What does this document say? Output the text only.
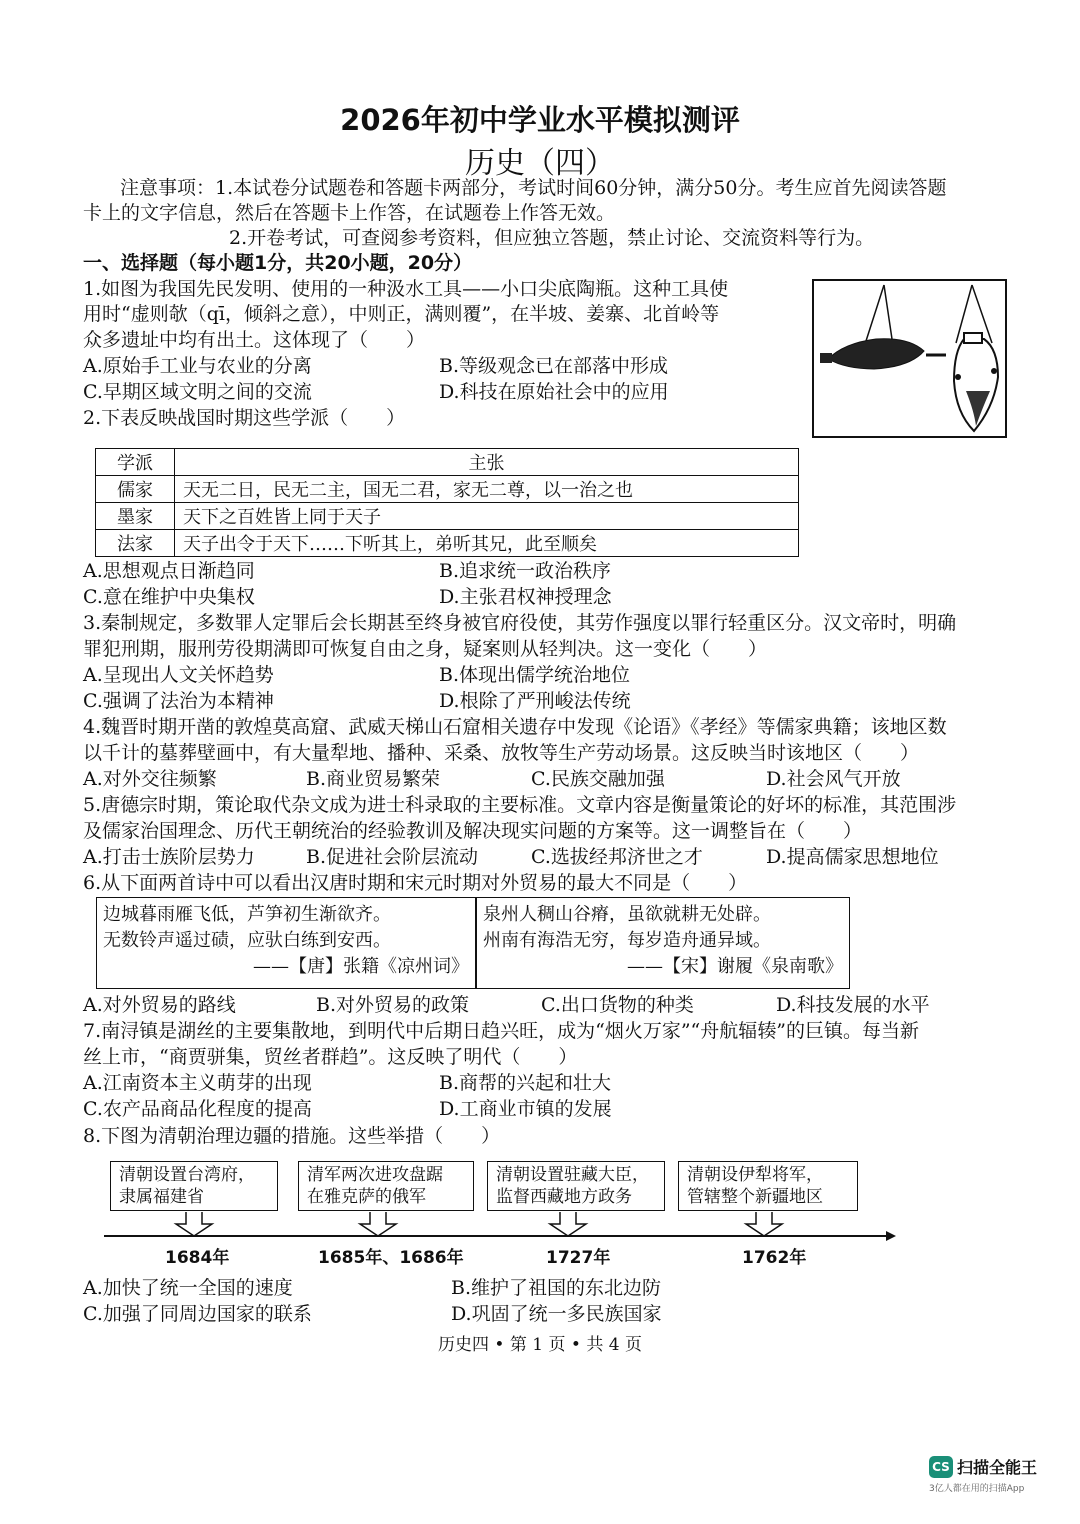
2026年初中学业水平模拟测评
历史（四）
注意事项：1.本试卷分试题卷和答题卡两部分，考试时间60分钟，满分50分。考生应首先阅读答题
卡上的文字信息，然后在答题卡上作答，在试题卷上作答无效。
2.开卷考试，可查阅参考资料，但应独立答题，禁止讨论、交流资料等行为。
一、选择题（每小题1分，共20小题，20分）
1.如图为我国先民发明、使用的一种汲水工具——小口尖底陶瓶。这种工具使
用时“虚则欹（qī，倾斜之意），中则正，满则覆”，在半坡、姜寨、北首岭等
众多遗址中均有出土。这体现了（　　）
A.原始手工业与农业的分离	B.等级观念已在部落中形成
C.早期区域文明之间的交流	D.科技在原始社会中的应用
2.下表反映战国时期这些学派（　　）
学派	主张
儒家	天无二日，民无二主，国无二君，家无二尊，以一治之也
墨家	天下之百姓皆上同于天子
法家	天子出令于天下……下听其上，弟听其兄，此至顺矣
A.思想观点日渐趋同	B.追求统一政治秩序
C.意在维护中央集权	D.主张君权神授理念
3.秦制规定，多数罪人定罪后会长期甚至终身被官府役使，其劳作强度以罪行轻重区分。汉文帝时，明确
罪犯刑期，服刑劳役期满即可恢复自由之身，疑案则从轻判决。这一变化（　　）
A.呈现出人文关怀趋势	B.体现出儒学统治地位
C.强调了法治为本精神	D.根除了严刑峻法传统
4.魏晋时期开凿的敦煌莫高窟、武威天梯山石窟相关遗存中发现《论语》《孝经》等儒家典籍；该地区数
以千计的墓葬壁画中，有大量犁地、播种、采桑、放牧等生产劳动场景。这反映当时该地区（　　）
A.对外交往频繁	B.商业贸易繁荣	C.民族交融加强	D.社会风气开放
5.唐德宗时期，策论取代杂文成为进士科录取的主要标准。文章内容是衡量策论的好坏的标准，其范围涉
及儒家治国理念、历代王朝统治的经验教训及解决现实问题的方案等。这一调整旨在（　　）
A.打击士族阶层势力	B.促进社会阶层流动	C.选拔经邦济世之才	D.提高儒家思想地位
6.从下面两首诗中可以看出汉唐时期和宋元时期对外贸易的最大不同是（　　）
边城暮雨雁飞低，芦笋初生渐欲齐。
无数铃声遥过碛，应驮白练到安西。
——【唐】张籍《凉州词》
泉州人稠山谷瘠，虽欲就耕无处辟。
州南有海浩无穷，每岁造舟通异域。
——【宋】谢履《泉南歌》
A.对外贸易的路线	B.对外贸易的政策	C.出口货物的种类	D.科技发展的水平
7.南浔镇是湖丝的主要集散地，到明代中后期日趋兴旺，成为“烟火万家”“舟航辐辏”的巨镇。每当新
丝上市，“商贾骈集，贸丝者群趋”。这反映了明代（　　）
A.江南资本主义萌芽的出现	B.商帮的兴起和壮大
C.农产品商品化程度的提高	D.工商业市镇的发展
8.下图为清朝治理边疆的措施。这些举措（　　）
清朝设置台湾府，
隶属福建省
清军两次进攻盘踞
在雅克萨的俄军
清朝设置驻藏大臣，
监督西藏地方政务
清朝设伊犁将军，
管辖整个新疆地区
1684年	1685年、1686年	1727年	1762年
A.加快了统一全国的速度	B.维护了祖国的东北边防
C.加强了同周边国家的联系	D.巩固了统一多民族国家
历史四 • 第 1 页 • 共 4 页
CS 扫描全能王
3亿人都在用的扫描App
